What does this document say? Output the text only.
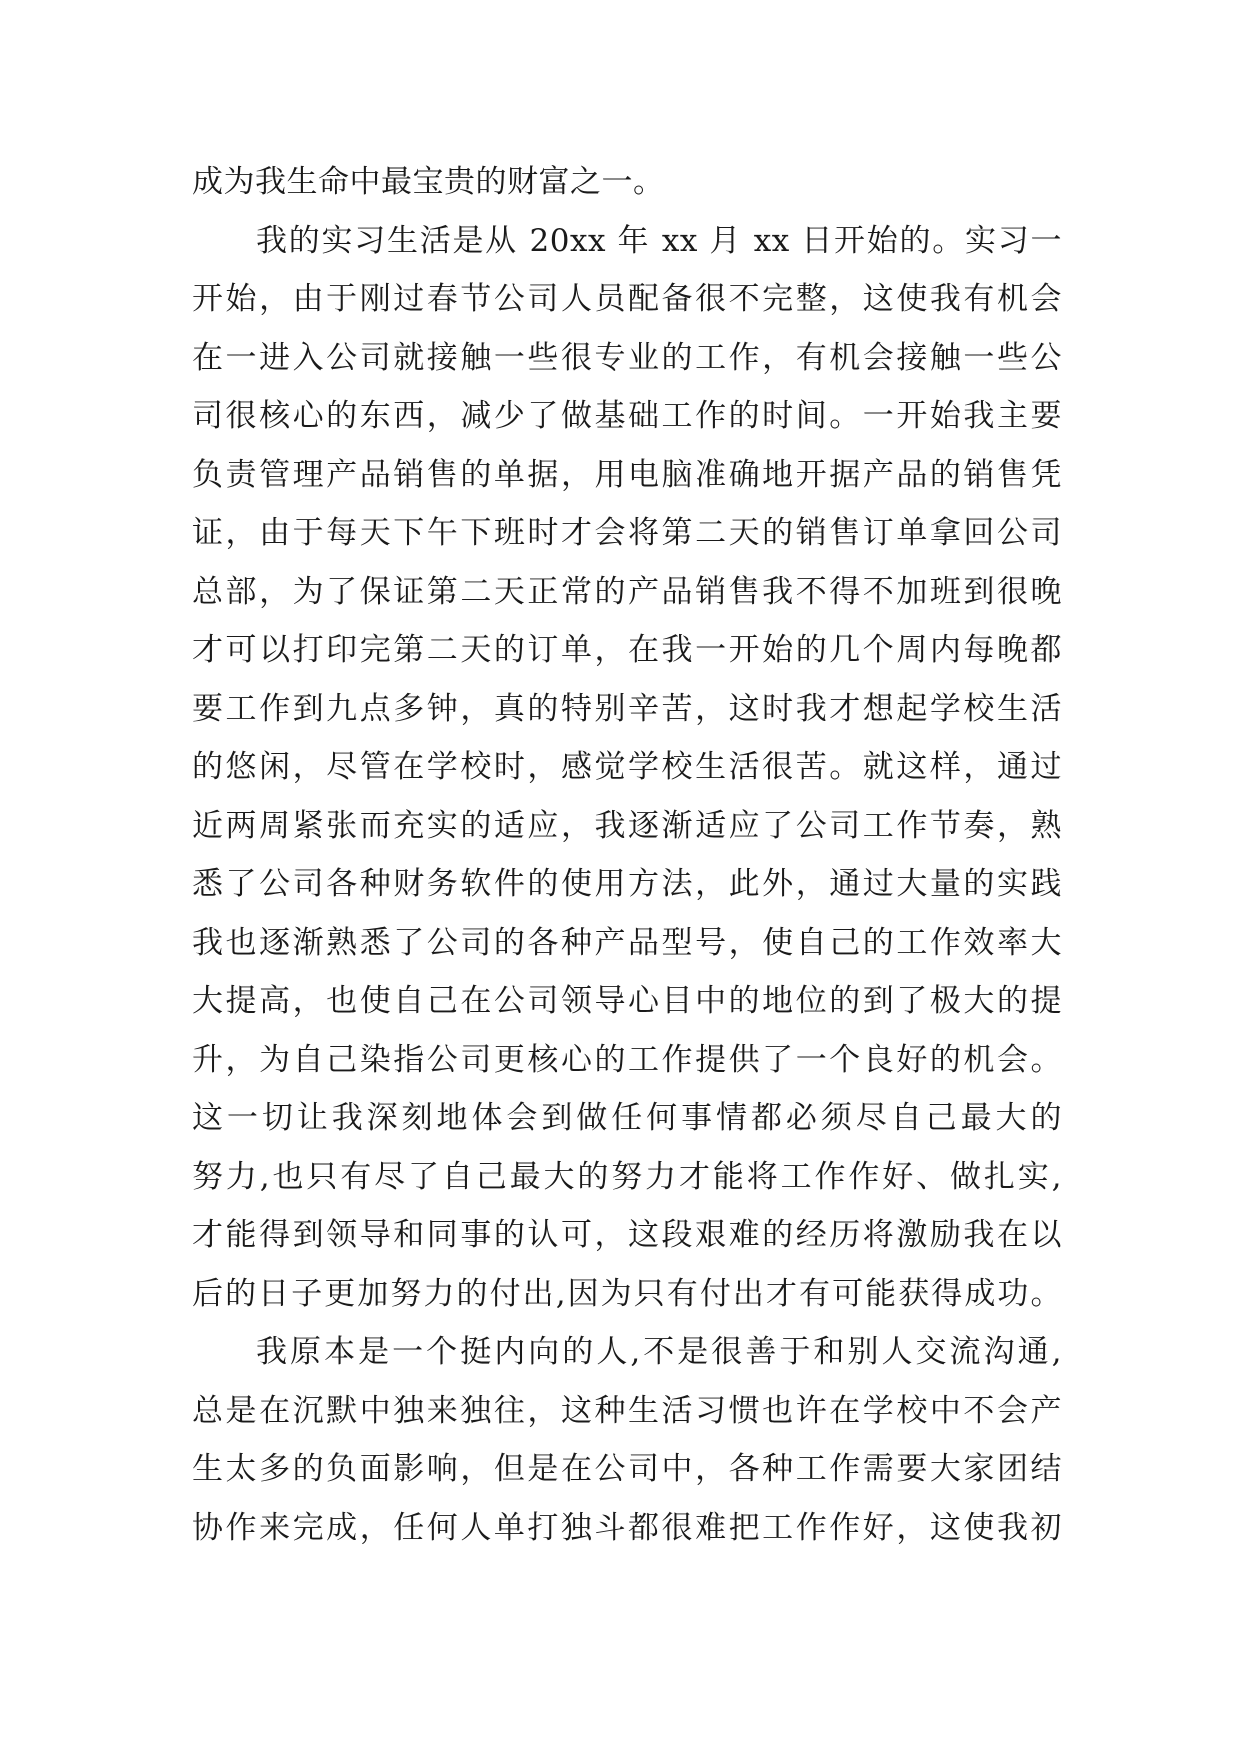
成为我生命中最宝贵的财富之一。
我的实习生活是从 20xx 年 xx 月 xx 日开始的。实习一
开始，由于刚过春节公司人员配备很不完整，这使我有机会
在一进入公司就接触一些很专业的工作，有机会接触一些公
司很核心的东西，减少了做基础工作的时间。一开始我主要
负责管理产品销售的单据，用电脑准确地开据产品的销售凭
证，由于每天下午下班时才会将第二天的销售订单拿回公司
总部，为了保证第二天正常的产品销售我不得不加班到很晚
才可以打印完第二天的订单，在我一开始的几个周内每晚都
要工作到九点多钟，真的特别辛苦，这时我才想起学校生活
的悠闲，尽管在学校时，感觉学校生活很苦。就这样，通过
近两周紧张而充实的适应，我逐渐适应了公司工作节奏，熟
悉了公司各种财务软件的使用方法，此外，通过大量的实践
我也逐渐熟悉了公司的各种产品型号，使自己的工作效率大
大提高，也使自己在公司领导心目中的地位的到了极大的提
升，为自己染指公司更核心的工作提供了一个良好的机会。
这一切让我深刻地体会到做任何事情都必须尽自己最大的
努力,也只有尽了自己最大的努力才能将工作作好、做扎实,
才能得到领导和同事的认可，这段艰难的经历将激励我在以
后的日子更加努力的付出,因为只有付出才有可能获得成功。
我原本是一个挺内向的人,不是很善于和别人交流沟通,
总是在沉默中独来独往，这种生活习惯也许在学校中不会产
生太多的负面影响，但是在公司中，各种工作需要大家团结
协作来完成，任何人单打独斗都很难把工作作好，这使我初
